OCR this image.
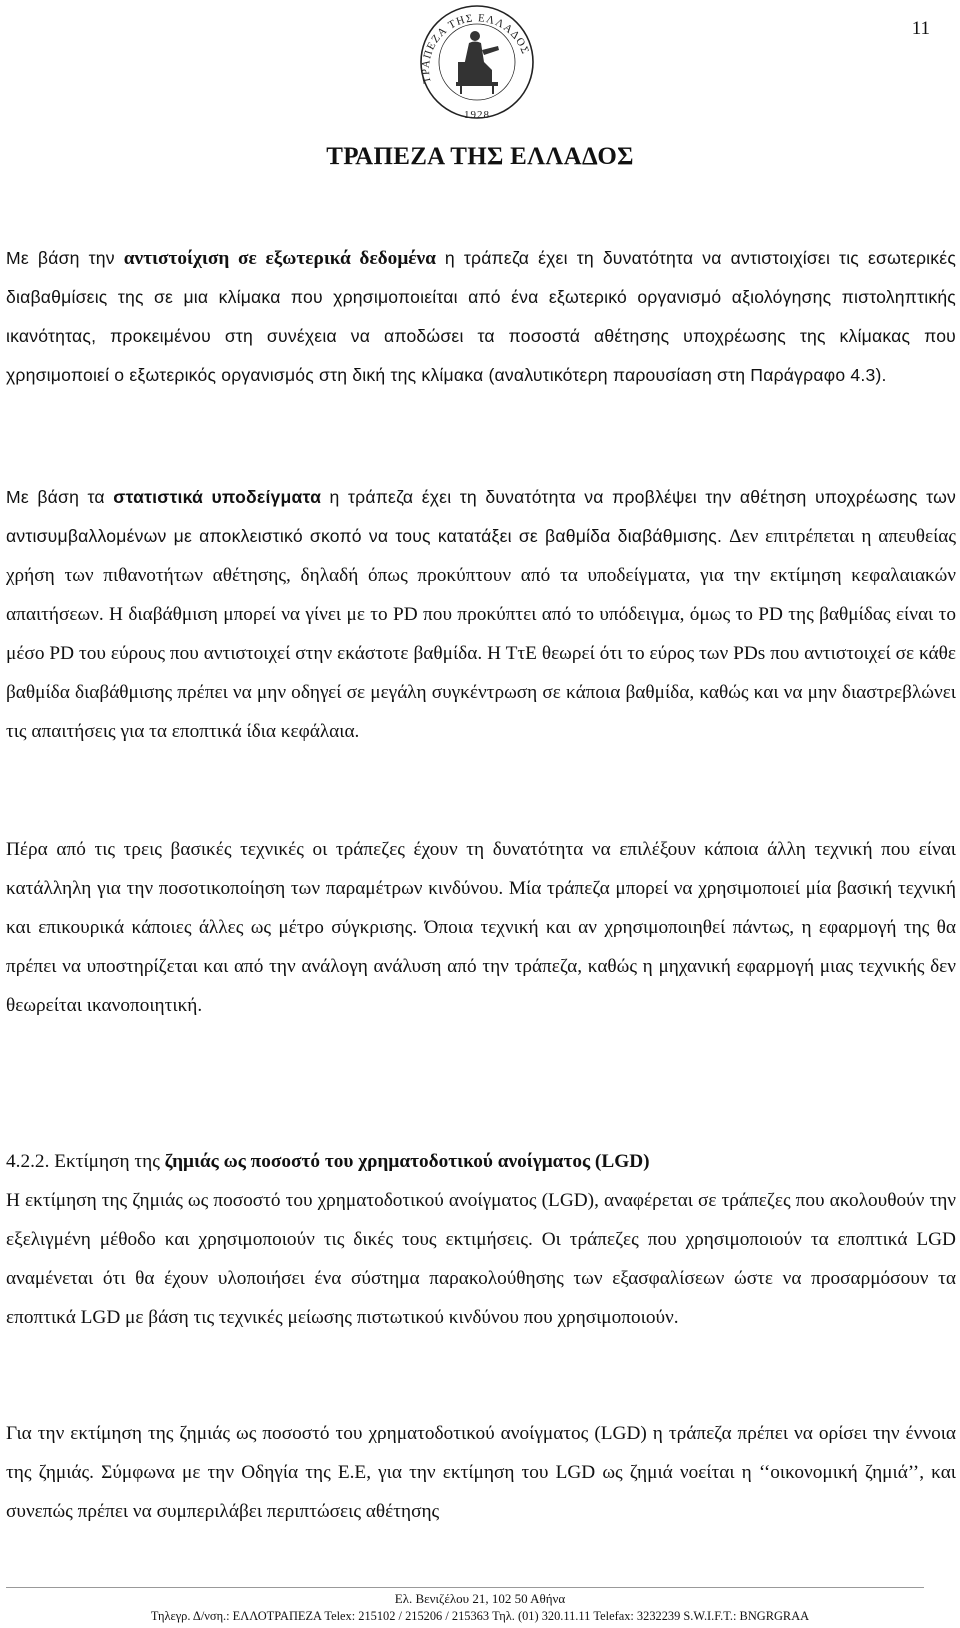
11
ΤΡΑΠΕΖΑ ΤΗΣ ΕΛΛΑΔΟΣ
1928
ΤΡΑΠΕΖΑ ΤΗΣ ΕΛΛΑΔΟΣ

Με βάση την αντιστοίχιση σε εξωτερικά δεδομένα η τράπεζα έχει τη δυνατότητα να αντιστοιχίσει τις εσωτερικές διαβαθμίσεις της σε μια κλίμακα που χρησιμοποιείται από ένα εξωτερικό οργανισμό αξιολόγησης πιστοληπτικής ικανότητας, προκειμένου στη συνέχεια να αποδώσει τα ποσοστά αθέτησης υποχρέωσης της κλίμακας που χρησιμοποιεί ο εξωτερικός οργανισμός στη δική της κλίμακα (αναλυτικότερη παρουσίαση στη Παράγραφο 4.3).

Με βάση τα στατιστικά υποδείγματα η τράπεζα έχει τη δυνατότητα να προβλέψει την αθέτηση υποχρέωσης των αντισυμβαλλομένων με αποκλειστικό σκοπό να τους κατατάξει σε βαθμίδα διαβάθμισης. Δεν επιτρέπεται η απευθείας χρήση των πιθανοτήτων αθέτησης, δηλαδή όπως προκύπτουν από τα υποδείγματα, για την εκτίμηση κεφαλαιακών απαιτήσεων. Η διαβάθμιση μπορεί να γίνει με το PD που προκύπτει από το υπόδειγμα, όμως το PD της βαθμίδας είναι το μέσο PD του εύρους που αντιστοιχεί στην εκάστοτε βαθμίδα. Η ΤτΕ θεωρεί ότι το εύρος των PDs που αντιστοιχεί σε κάθε βαθμίδα διαβάθμισης πρέπει να μην οδηγεί σε μεγάλη συγκέντρωση σε κάποια βαθμίδα, καθώς και να μην διαστρεβλώνει τις απαιτήσεις για τα εποπτικά ίδια κεφάλαια.

Πέρα από τις τρεις βασικές τεχνικές οι τράπεζες έχουν τη δυνατότητα να επιλέξουν κάποια άλλη τεχνική που είναι κατάλληλη για την ποσοτικοποίηση των παραμέτρων κινδύνου. Μία τράπεζα μπορεί να χρησιμοποιεί μία βασική τεχνική και επικουρικά κάποιες άλλες ως μέτρο σύγκρισης. Όποια τεχνική και αν χρησιμοποιηθεί πάντως, η εφαρμογή της θα πρέπει να υποστηρίζεται και από την ανάλογη ανάλυση από την τράπεζα, καθώς η μηχανική εφαρμογή μιας τεχνικής δεν θεωρείται ικανοποιητική.

4.2.2. Εκτίμηση της ζημιάς ως ποσοστό του χρηματοδοτικού ανοίγματος (LGD)

Η εκτίμηση της ζημιάς ως ποσοστό του χρηματοδοτικού ανοίγματος (LGD), αναφέρεται σε τράπεζες που ακολουθούν την εξελιγμένη μέθοδο και χρησιμοποιούν τις δικές τους εκτιμήσεις. Οι τράπεζες που χρησιμοποιούν τα εποπτικά LGD αναμένεται ότι θα έχουν υλοποιήσει ένα σύστημα παρακολούθησης των εξασφαλίσεων ώστε να προσαρμόσουν τα εποπτικά LGD με βάση τις τεχνικές μείωσης πιστωτικού κινδύνου που χρησιμοποιούν.

Για την εκτίμηση της ζημιάς ως ποσοστό του χρηματοδοτικού ανοίγματος (LGD) η τράπεζα πρέπει να ορίσει την έννοια της ζημιάς. Σύμφωνα με την Οδηγία της Ε.Ε, για την εκτίμηση του LGD ως ζημιά νοείται η ‘‘οικονομική ζημιά’’, και συνεπώς πρέπει να συμπεριλάβει περιπτώσεις αθέτησης

Ελ. Βενιζέλου 21, 102 50 Αθήνα
Τηλεγρ. Δ/νση.: ΕΛΛΟΤΡΑΠΕΖΑ Telex: 215102 / 215206 / 215363 Τηλ. (01) 320.11.11 Telefax: 3232239 S.W.I.F.T.: BNGRGRAA
